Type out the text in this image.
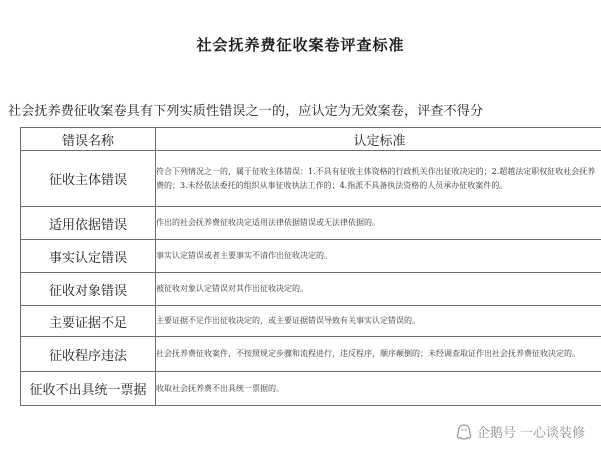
社会抚养费征收案卷评查标准
社会抚养费征收案卷具有下列实质性错误之一的，应认定为无效案卷，评查不得分
错误名称	认定标准
征收主体错误	符合下列情况之一的，属于征收主体错误：1.不具有征收主体资格的行政机关作出征收决定的；2.超越法定职权征收社会抚养费的；3.未经依法委托的组织从事征收执法工作的；4.指派不具备执法资格的人员承办征收案件的。
适用依据错误	作出的社会抚养费征收决定适用法律依据错误或无法律依据的。
事实认定错误	事实认定错误或者主要事实不清作出征收决定的。
征收对象错误	被征收对象认定错误对其作出征收决定的。
主要证据不足	主要证据不足作出征收决定的，或主要证据错误导致有关事实认定错误的。
征收程序违法	社会抚养费征收案件，不按照规定步骤和流程进行，违反程序，顺序颠倒的；未经调查取证作出社会抚养费征收决定的。
征收不出具统一票据	收取社会抚养费不出具统一票据的。
企鹅号 一心谈装修
